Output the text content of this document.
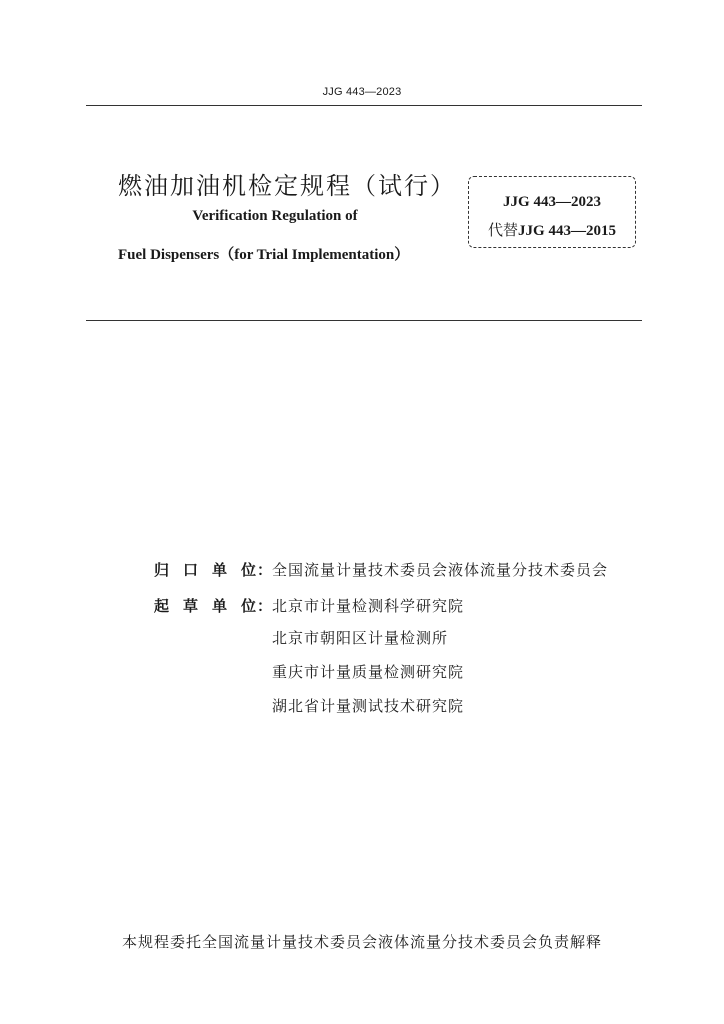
JJG 443—2023
燃油加油机检定规程（试行）
Verification Regulation of
Fuel Dispensers（for Trial Implementation）
JJG 443—2023
代替JJG 443—2015
归 口 单 位： 全国流量计量技术委员会液体流量分技术委员会
起 草 单 位： 北京市计量检测科学研究院
北京市朝阳区计量检测所
重庆市计量质量检测研究院
湖北省计量测试技术研究院
本规程委托全国流量计量技术委员会液体流量分技术委员会负责解释
